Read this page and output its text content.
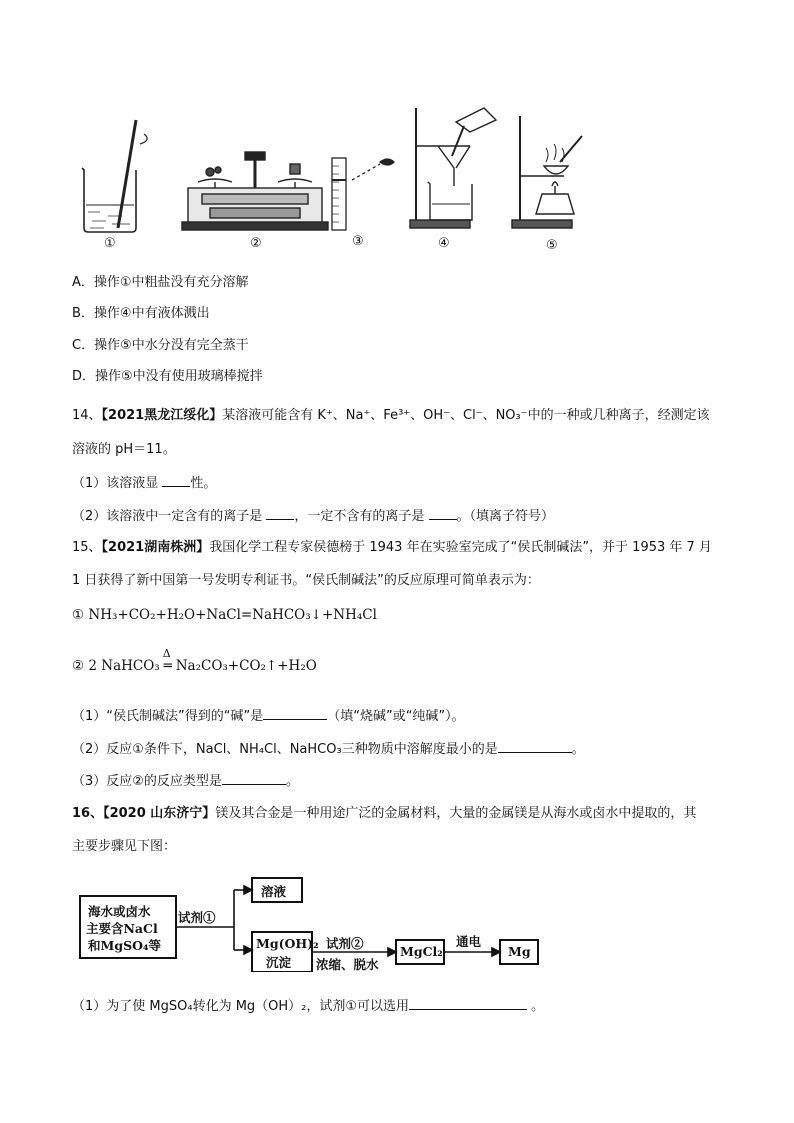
①	②	③	④	⑤
A．操作①中粗盐没有充分溶解
B．操作④中有液体溅出
C．操作⑤中水分没有完全蒸干
D．操作⑤中没有使用玻璃棒搅拌
14、【2021黑龙江绥化】某溶液可能含有 K⁺、Na⁺、Fe³⁺、OH⁻、Cl⁻、NO₃⁻中的一种或几种离子，经测定该
溶液的 pH＝11。
（1）该溶液显 性。
（2）该溶液中一定含有的离子是 ，一定不含有的离子是 。（填离子符号）
15、【2021湖南株洲】我国化学工程专家侯德榜于 1943 年在实验室完成了“侯氏制碱法”，并于 1953 年 7 月
1 日获得了新中国第一号发明专利证书。“侯氏制碱法”的反应原理可简单表示为：
① NH₃+CO₂+H₂O+NaCl=NaHCO₃↓+NH₄Cl
② 2 NaHCO₃
Δ
═ Na₂CO₃+CO₂↑+H₂O
（1）“侯氏制碱法”得到的“碱”是	（填“烧碱”或“纯碱”）。
（2）反应①条件下，NaCl、NH₄Cl、NaHCO₃三种物质中溶解度最小的是	。
（3）反应②的反应类型是	。
16、【2020 山东济宁】镁及其合金是一种用途广泛的金属材料，大量的金属镁是从海水或卤水中提取的，其
主要步骤见下图：
海水或卤水
主要含NaCl
和MgSO₄等
试剂①
溶液
Mg(OH)₂
沉淀
试剂②
浓缩、脱水
MgCl₂
通电
Mg
（1）为了使 MgSO₄转化为 Mg（OH）₂，试剂①可以选用	。
